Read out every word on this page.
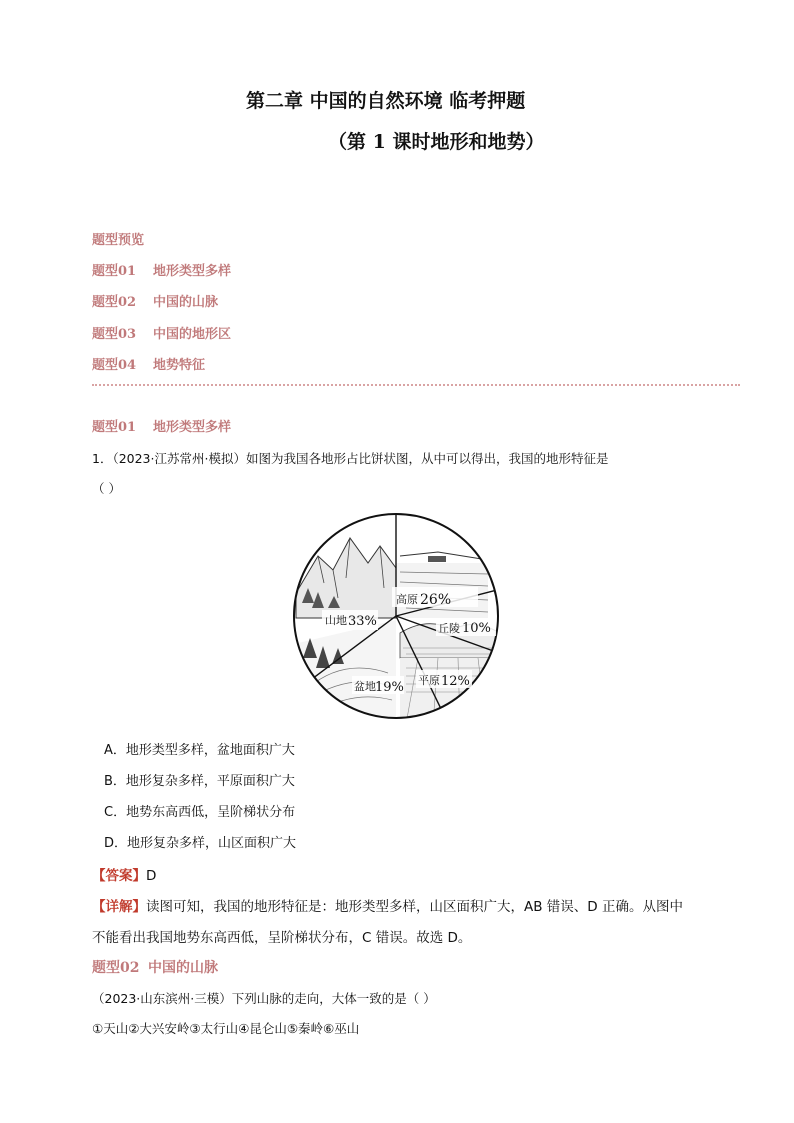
第二章 中国的自然环境 临考押题
（第 1 课时地形和地势）
题型预览
题型01 地形类型多样
题型02 中国的山脉
题型03 中国的地形区
题型04 地势特征
题型01 地形类型多样
1．（2023·江苏常州·模拟）如图为我国各地形占比饼状图，从中可以得出，我国的地形特征是
（ ）
高原 26%
丘陵 10%
平原 12%
盆地 19%
山地 33%
A．地形类型多样，盆地面积广大
B．地形复杂多样，平原面积广大
C．地势东高西低，呈阶梯状分布
D．地形复杂多样，山区面积广大
【答案】D
【详解】读图可知，我国的地形特征是：地形类型多样，山区面积广大，AB 错误、D 正确。从图中
不能看出我国地势东高西低，呈阶梯状分布，C 错误。故选 D。
题型02 中国的山脉
（2023·山东滨州·三模）下列山脉的走向，大体一致的是（ ）
①天山②大兴安岭③太行山④昆仑山⑤秦岭⑥巫山
